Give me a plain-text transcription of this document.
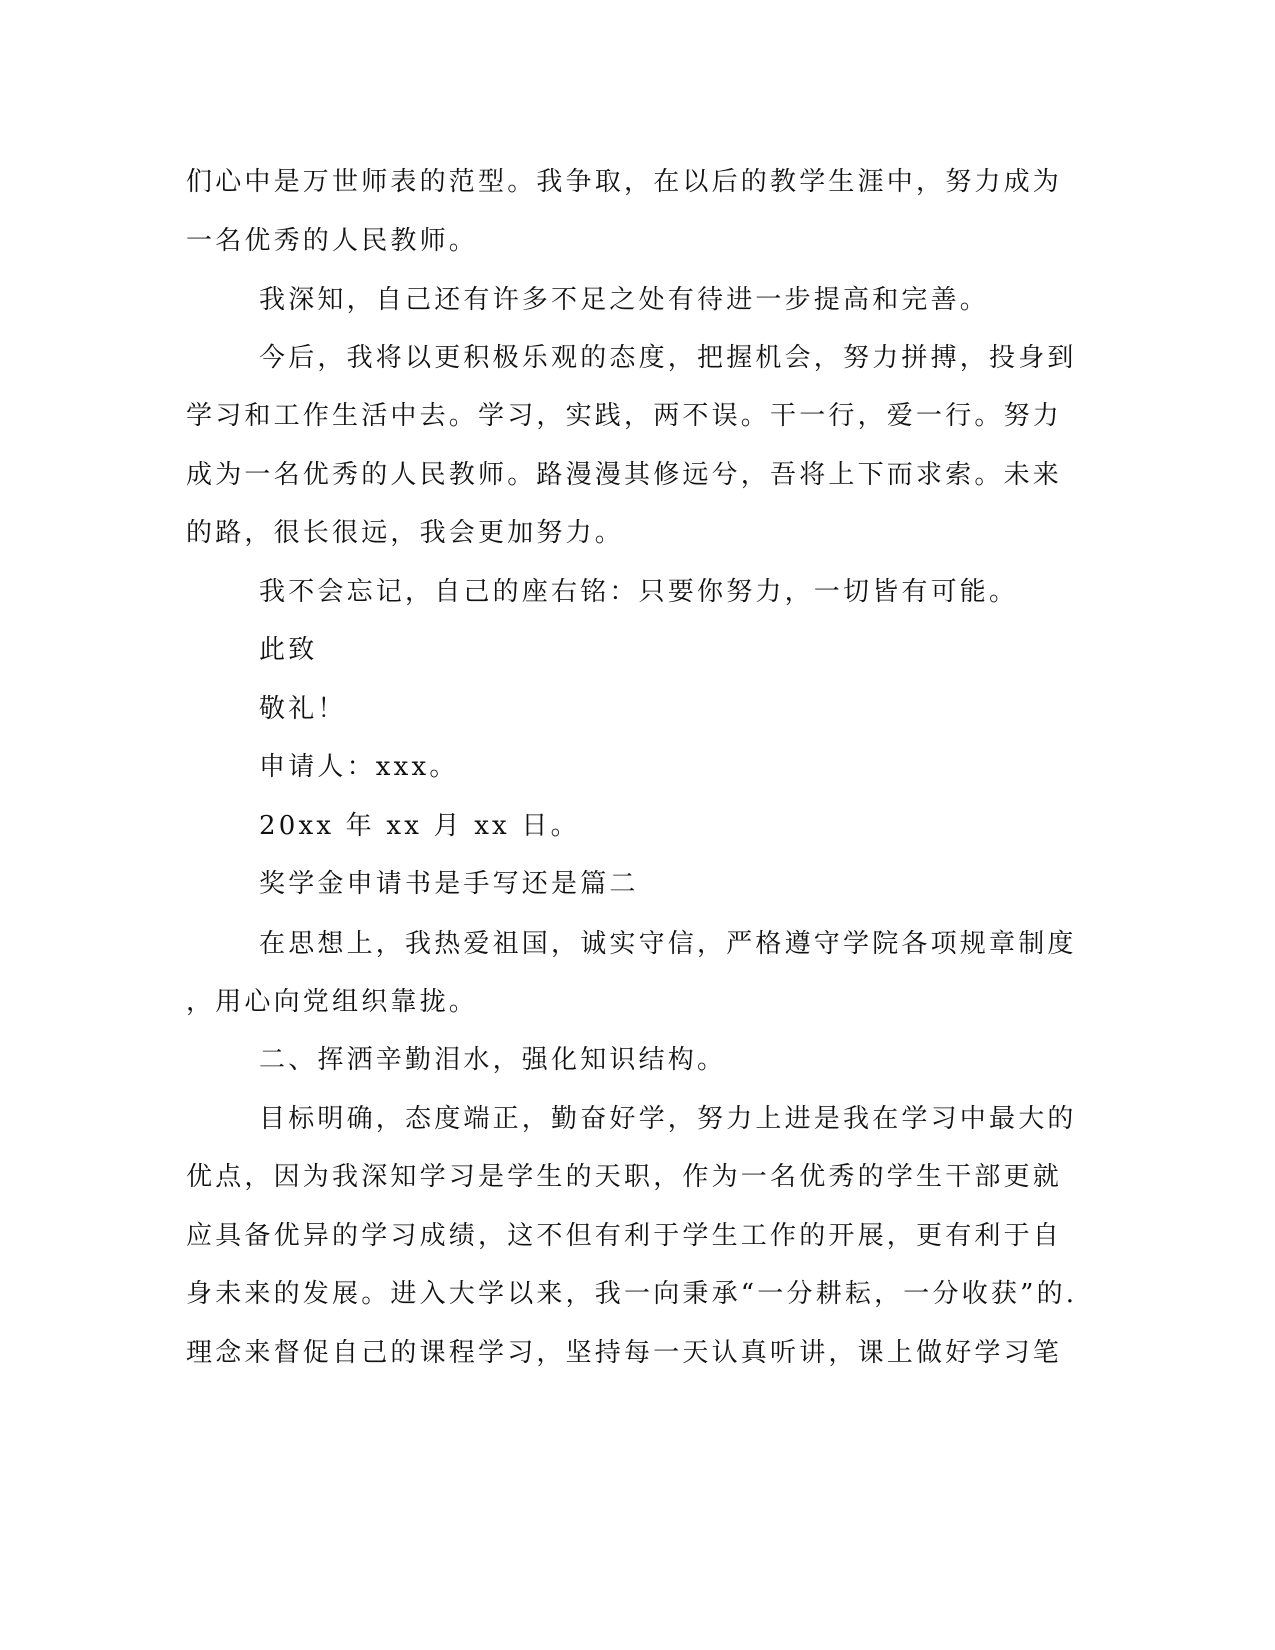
们心中是万世师表的范型。我争取，在以后的教学生涯中，努力成为
一名优秀的人民教师。
我深知，自己还有许多不足之处有待进一步提高和完善。
今后，我将以更积极乐观的态度，把握机会，努力拼搏，投身到
学习和工作生活中去。学习，实践，两不误。干一行，爱一行。努力
成为一名优秀的人民教师。路漫漫其修远兮，吾将上下而求索。未来
的路，很长很远，我会更加努力。
我不会忘记，自己的座右铭：只要你努力，一切皆有可能。
此致
敬礼！
申请人：xxx。
20xx 年 xx 月 xx 日。
奖学金申请书是手写还是篇二
在思想上，我热爱祖国，诚实守信，严格遵守学院各项规章制度
，用心向党组织靠拢。
二、挥洒辛勤泪水，强化知识结构。
目标明确，态度端正，勤奋好学，努力上进是我在学习中最大的
优点，因为我深知学习是学生的天职，作为一名优秀的学生干部更就
应具备优异的学习成绩，这不但有利于学生工作的开展，更有利于自
身未来的发展。进入大学以来，我一向秉承“一分耕耘，一分收获”的.
理念来督促自己的课程学习，坚持每一天认真听讲，课上做好学习笔
